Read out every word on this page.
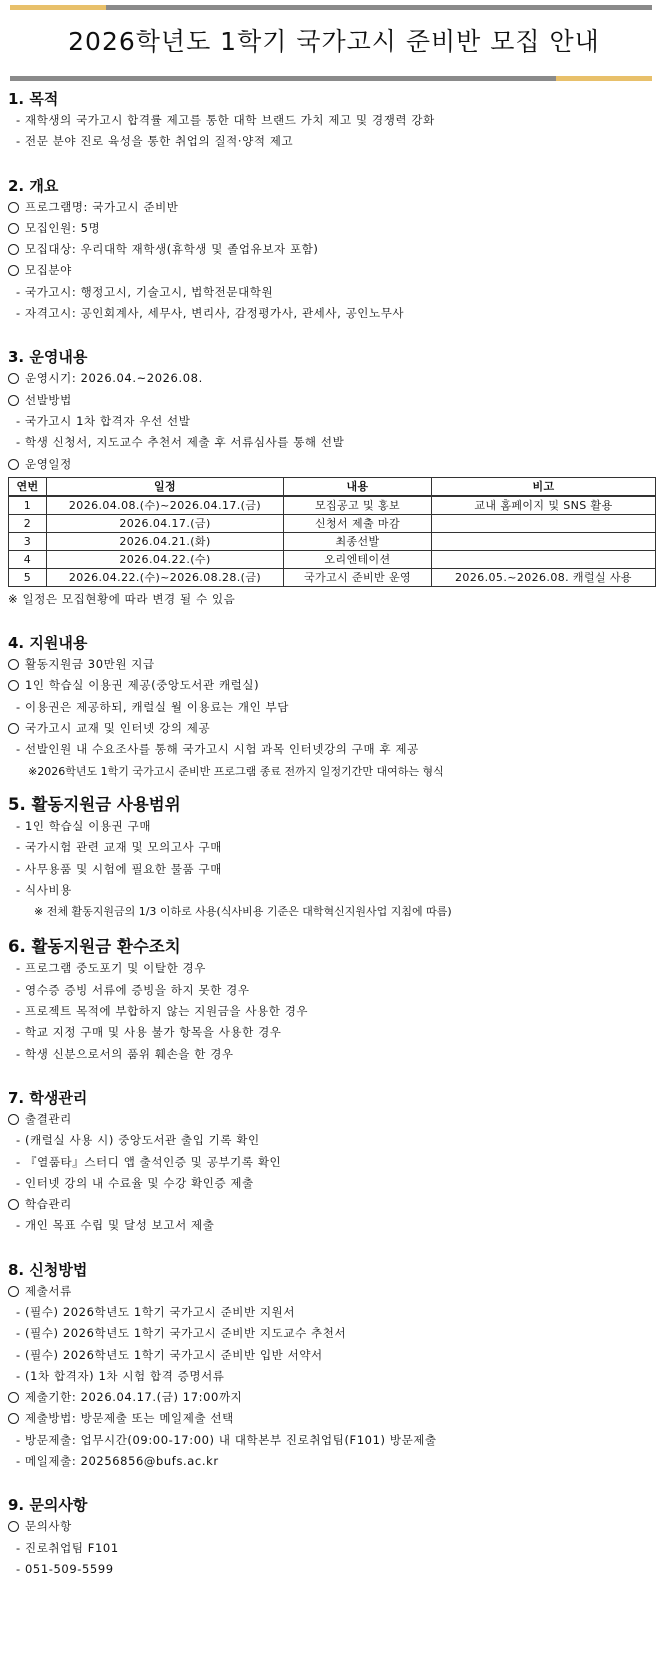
2026학년도 1학기 국가고시 준비반 모집 안내
1. 목적
- 재학생의 국가고시 합격률 제고를 통한 대학 브랜드 가치 제고 및 경쟁력 강화
- 전문 분야 진로 육성을 통한 취업의 질적·양적 제고
2. 개요
프로그램명: 국가고시 준비반
모집인원: 5명
모집대상: 우리대학 재학생(휴학생 및 졸업유보자 포함)
모집분야
- 국가고시: 행정고시, 기술고시, 법학전문대학원
- 자격고시: 공인회계사, 세무사, 변리사, 감정평가사, 관세사, 공인노무사
3. 운영내용
운영시기: 2026.04.~2026.08.
선발방법
- 국가고시 1차 합격자 우선 선발
- 학생 신청서, 지도교수 추천서 제출 후 서류심사를 통해 선발
운영일정
연번	일정	내용	비고
1	2026.04.08.(수)~2026.04.17.(금)	모집공고 및 홍보	교내 홈페이지 및 SNS 활용
2	2026.04.17.(금)	신청서 제출 마감	
3	2026.04.21.(화)	최종선발	
4	2026.04.22.(수)	오리엔테이션	
5	2026.04.22.(수)~2026.08.28.(금)	국가고시 준비반 운영	2026.05.~2026.08. 캐럴실 사용
※ 일정은 모집현황에 따라 변경 될 수 있음
4. 지원내용
활동지원금 30만원 지급
1인 학습실 이용권 제공(중앙도서관 캐럴실)
- 이용권은 제공하되, 캐럴실 월 이용료는 개인 부담
국가고시 교재 및 인터넷 강의 제공
- 선발인원 내 수요조사를 통해 국가고시 시험 과목 인터넷강의 구매 후 제공
※2026학년도 1학기 국가고시 준비반 프로그램 종료 전까지 일정기간만 대여하는 형식
5. 활동지원금 사용범위
- 1인 학습실 이용권 구매
- 국가시험 관련 교재 및 모의고사 구매
- 사무용품 및 시험에 필요한 물품 구매
- 식사비용
※ 전체 활동지원금의 1/3 이하로 사용(식사비용 기준은 대학혁신지원사업 지침에 따름)
6. 활동지원금 환수조치
- 프로그램 중도포기 및 이탈한 경우
- 영수증 증빙 서류에 증빙을 하지 못한 경우
- 프로젝트 목적에 부합하지 않는 지원금을 사용한 경우
- 학교 지정 구매 및 사용 불가 항목을 사용한 경우
- 학생 신분으로서의 품위 훼손을 한 경우
7. 학생관리
출결관리
- (캐럴실 사용 시) 중앙도서관 출입 기록 확인
- 『열품타』스터디 앱 출석인증 및 공부기록 확인
- 인터넷 강의 내 수료율 및 수강 확인증 제출
학습관리
- 개인 목표 수립 및 달성 보고서 제출
8. 신청방법
제출서류
- (필수) 2026학년도 1학기 국가고시 준비반 지원서
- (필수) 2026학년도 1학기 국가고시 준비반 지도교수 추천서
- (필수) 2026학년도 1학기 국가고시 준비반 입반 서약서
- (1차 합격자) 1차 시험 합격 증명서류
제출기한: 2026.04.17.(금) 17:00까지
제출방법: 방문제출 또는 메일제출 선택
- 방문제출: 업무시간(09:00-17:00) 내 대학본부 진로취업팀(F101) 방문제출
- 메일제출: 20256856@bufs.ac.kr
9. 문의사항
문의사항
- 진로취업팀 F101
- 051-509-5599
